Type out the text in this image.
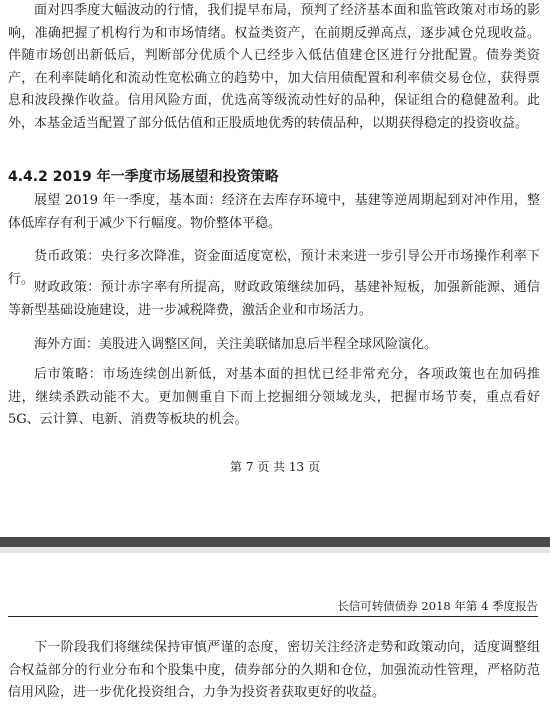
面对四季度大幅波动的行情，我们提早布局，预判了经济基本面和监管政策对市场的影响，准确把握了机构行为和市场情绪。权益类资产，在前期反弹高点，逐步减仓兑现收益。伴随市场创出新低后，判断部分优质个人已经步入低估值建仓区进行分批配置。债券类资产，在利率陡峭化和流动性宽松确立的趋势中，加大信用债配置和利率债交易仓位，获得票息和波段操作收益。信用风险方面，优选高等级流动性好的品种，保证组合的稳健盈利。此外，本基金适当配置了部分低估值和正股质地优秀的转债品种，以期获得稳定的投资收益。

4.4.2 2019 年一季度市场展望和投资策略

展望 2019 年一季度，基本面：经济在去库存环境中，基建等逆周期起到对冲作用，整体低库存有利于减少下行幅度。物价整体平稳。

货币政策：央行多次降准，资金面适度宽松，预计未来进一步引导公开市场操作利率下行。

财政政策：预计赤字率有所提高，财政政策继续加码，基建补短板，加强新能源、通信等新型基础设施建设，进一步减税降费，激活企业和市场活力。

海外方面：美股进入调整区间，关注美联储加息后半程全球风险演化。

后市策略：市场连续创出新低，对基本面的担忧已经非常充分，各项政策也在加码推进，继续杀跌动能不大。更加侧重自下而上挖掘细分领域龙头，把握市场节奏，重点看好 5G、云计算、电新、消费等板块的机会。

第 7 页 共 13 页

长信可转债债券 2018 年第 4 季度报告

下一阶段我们将继续保持审慎严谨的态度，密切关注经济走势和政策动向，适度调整组合权益部分的行业分布和个股集中度，债券部分的久期和仓位，加强流动性管理，严格防范信用风险，进一步优化投资组合，力争为投资者获取更好的收益。
